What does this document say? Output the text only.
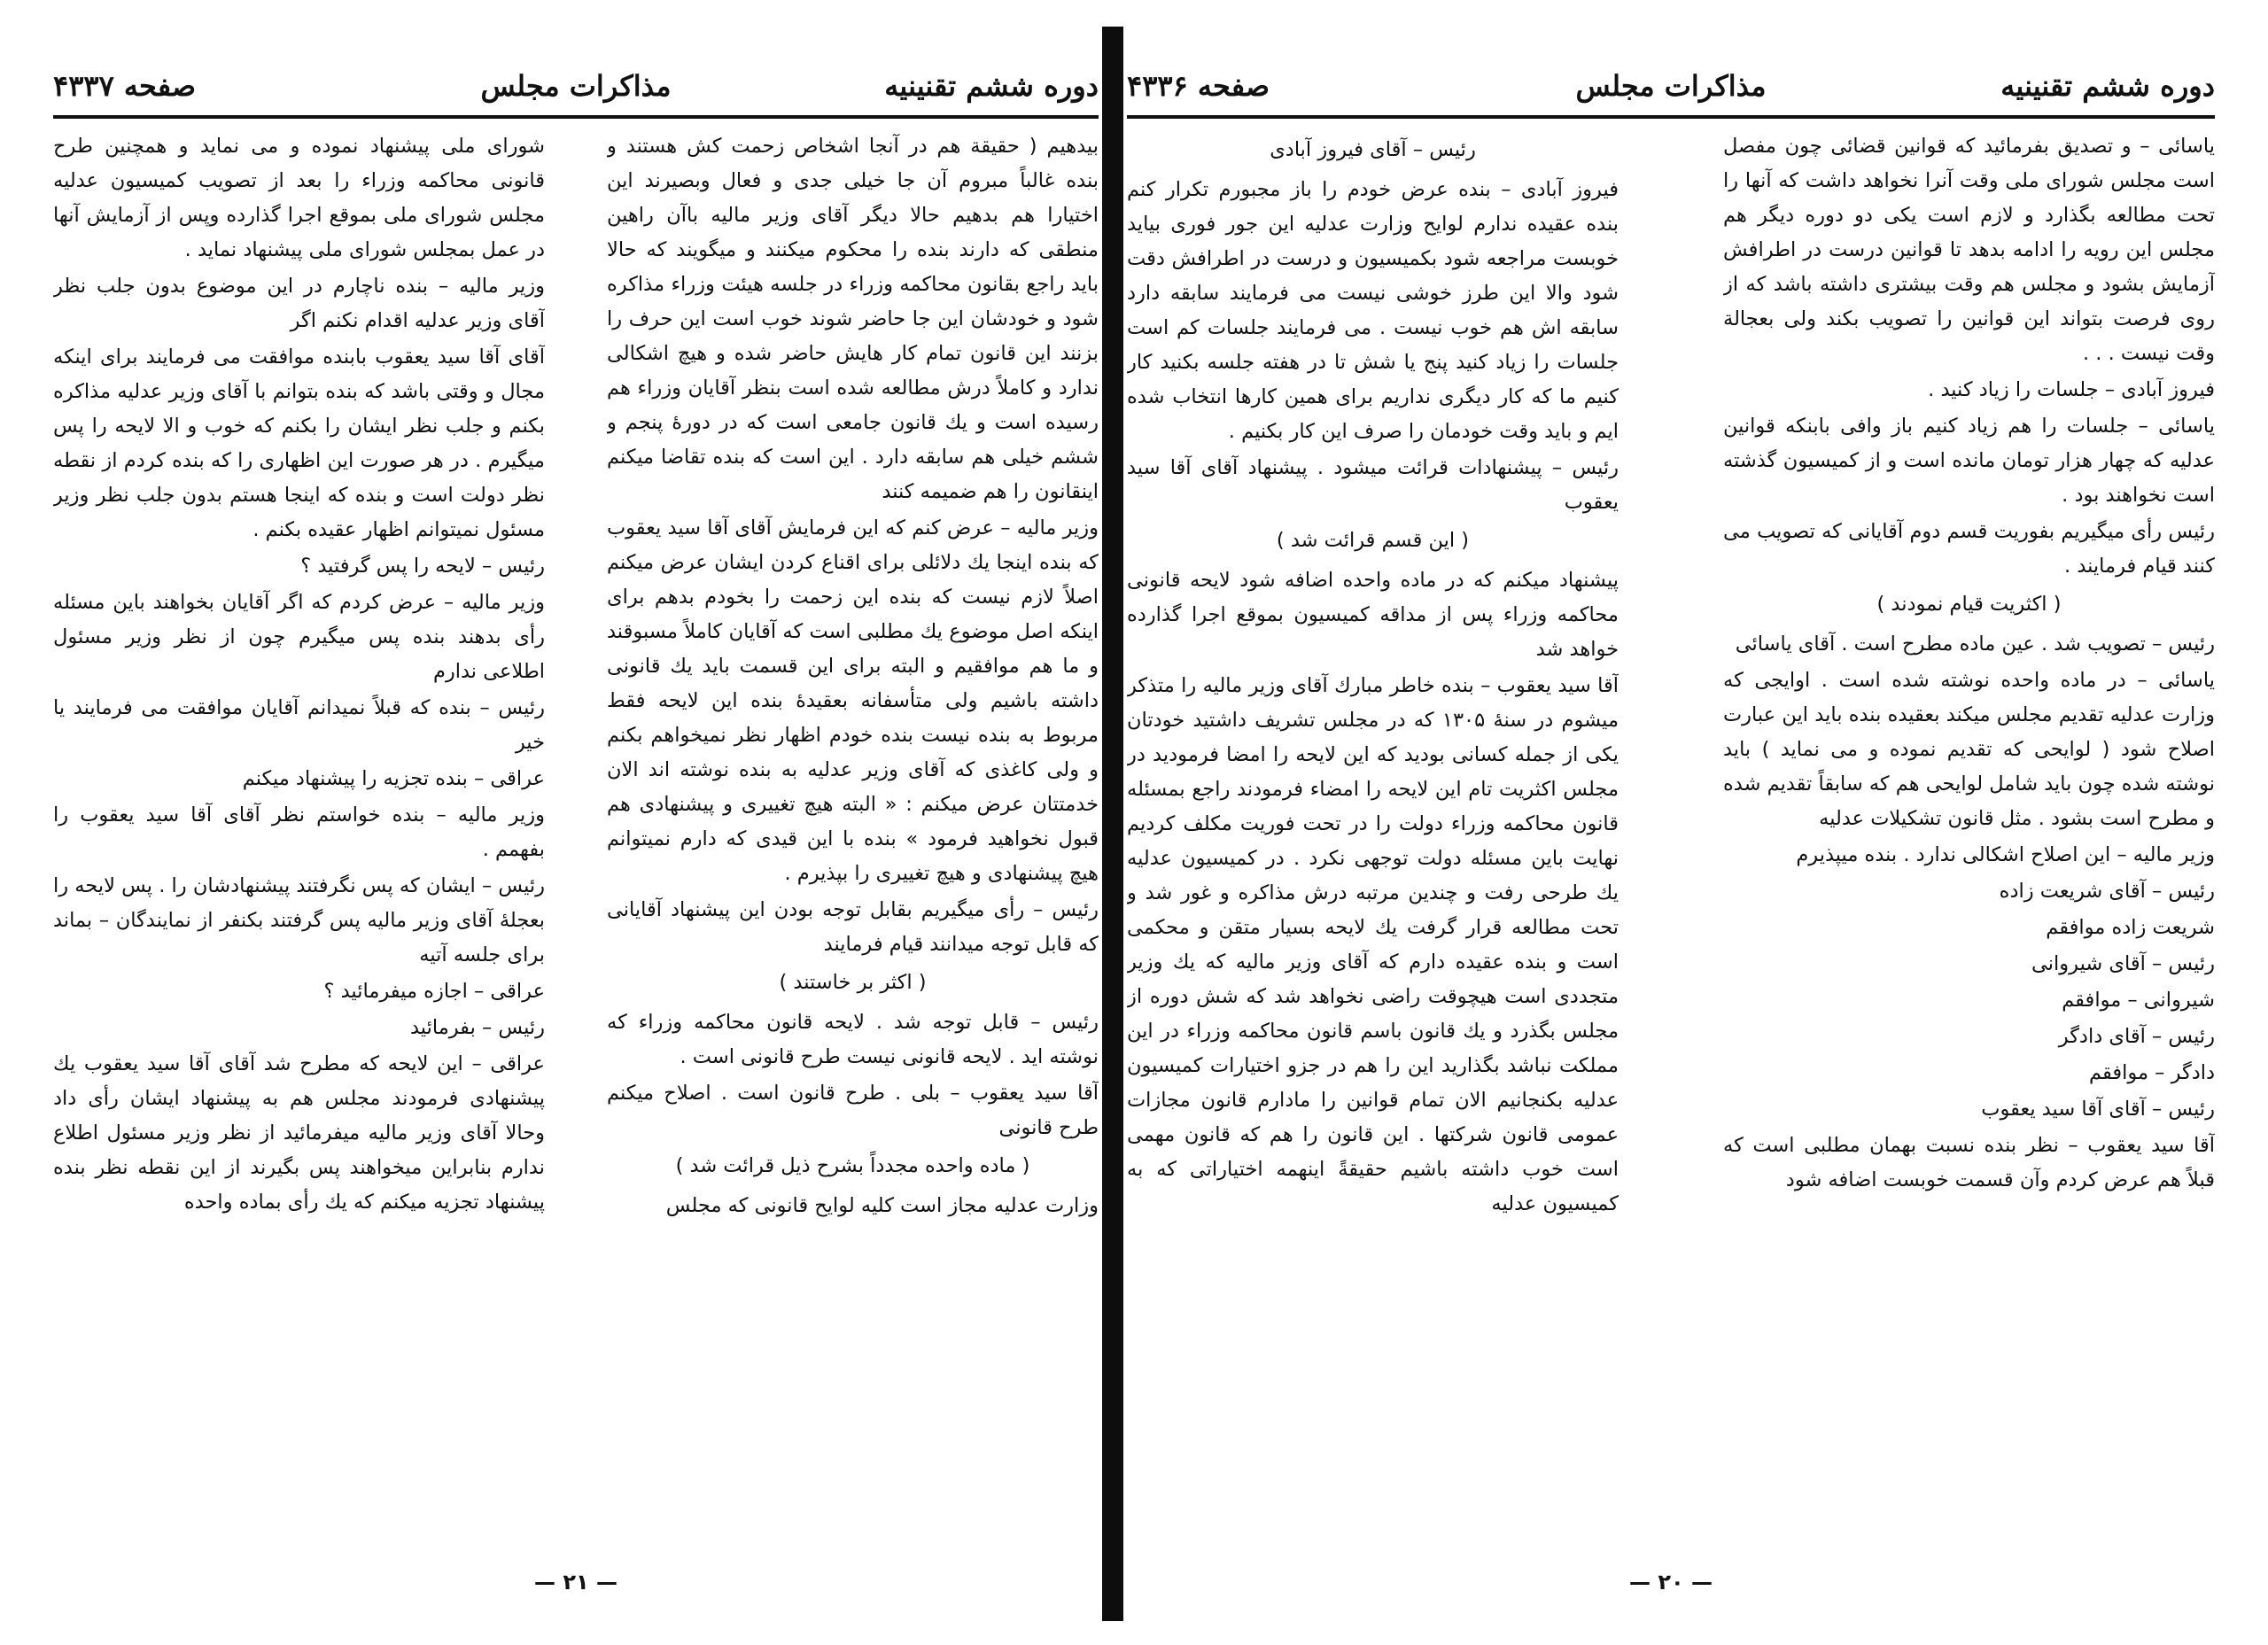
دوره ششم تقنينيه
مذاكرات مجلس
صفحه ۴۳۳۷

بیدهیم ( حقیقة هم در آنجا اشخاص زحمت کش هستند و بنده غالباً مبروم آن جا خیلی جدی و فعال وبصیرند این اختیارا هم بدهیم حالا دیگر آقای وزیر مالیه باآن راهین منطقی که دارند بنده را محکوم میکنند و میگویند که حالا باید راجع بقانون محاکمه وزراء در جلسه هیئت وزراء مذاکره شود و خودشان این جا حاضر شوند خوب است این حرف را بزنند این قانون تمام کار هایش حاضر شده و هیچ اشکالی ندارد و کاملاً درش مطالعه شده است بنظر آقایان وزراء هم رسیده است و یك قانون جامعی است که در دورهٔ پنجم و ششم خیلی هم سابقه دارد . این است که بنده تقاضا میکنم اینقانون را هم ضمیمه کنند

وزیر مالیه – عرض کنم که این فرمایش آقای آقا سید یعقوب که بنده اینجا یك دلائلی برای اقناع کردن ایشان عرض میکنم اصلاً لازم نیست که بنده این زحمت را بخودم بدهم برای اینکه اصل موضوع یك مطلبی است که آقایان کاملاً مسبوقند و ما هم موافقیم و البته برای این قسمت باید یك قانونی داشته باشیم ولی متأسفانه بعقیدهٔ بنده این لایحه فقط مربوط به بنده نیست بنده خودم اظهار نظر نمیخواهم بکنم و ولی کاغذی که آقای وزیر عدلیه به بنده نوشته اند الان خدمتتان عرض میکنم : « البته هیچ تغییری و پیشنهادی هم قبول نخواهید فرمود » بنده با این قیدی که دارم نمیتوانم هیچ پیشنهادی و هیچ تغییری را بپذیرم .

رئیس – رأی میگیریم بقابل توجه بودن این پیشنهاد آقایانی که قابل توجه میدانند قیام فرمایند

( اکثر بر خاستند )

رئیس – قابل توجه شد . لایحه قانون محاکمه وزراء که نوشته اید . لایحه قانونی نیست طرح قانونی است .

آقا سید یعقوب – بلی . طرح قانون است . اصلاح میکنم طرح قانونی

( ماده واحده مجدداً بشرح ذیل قرائت شد )

وزارت عدلیه مجاز است کلیه لوایح قانونی که مجلس

شورای ملی پیشنهاد نموده و می نماید و همچنین طرح قانونی محاکمه وزراء را بعد از تصویب کمیسیون عدلیه مجلس شورای ملی بموقع اجرا گذارده وپس از آزمایش آنها در عمل بمجلس شورای ملی پیشنهاد نماید .

وزیر مالیه – بنده ناچارم در این موضوع بدون جلب نظر آقای وزیر عدلیه اقدام نکنم اگر

آقای آقا سید یعقوب بابنده موافقت می فرمایند برای اینکه مجال و وقتی باشد که بنده بتوانم با آقای وزیر عدلیه مذاکره بکنم و جلب نظر ایشان را بکنم که خوب و الا لایحه را پس میگیرم . در هر صورت این اظهاری را که بنده کردم از نقطه نظر دولت است و بنده که اینجا هستم بدون جلب نظر وزیر مسئول نمیتوانم اظهار عقیده بکنم .

رئیس – لایحه را پس گرفتید ؟

وزیر مالیه – عرض کردم که اگر آقایان بخواهند باین مسئله رأی بدهند بنده پس میگیرم چون از نظر وزیر مسئول اطلاعی ندارم

رئیس – بنده که قبلاً نمیدانم آقایان موافقت می فرمایند یا خیر

عراقی – بنده تجزیه را پیشنهاد میکنم

وزیر مالیه – بنده خواستم نظر آقای آقا سید یعقوب را بفهمم .

رئیس – ایشان که پس نگرفتند پیشنهادشان را . پس لایحه را بعجلهٔ آقای وزیر مالیه پس گرفتند بکنفر از نمایندگان – بماند برای جلسه آتیه

عراقی – اجازه میفرمائید ؟

رئیس – بفرمائید

عراقی – این لایحه که مطرح شد آقای آقا سید یعقوب یك پیشنهادی فرمودند مجلس هم به پیشنهاد ایشان رأی داد وحالا آقای وزیر مالیه میفرمائید از نظر وزیر مسئول اطلاع ندارم بنابراین میخواهند پس بگیرند از این نقطه نظر بنده پیشنهاد تجزیه میکنم که یك رأی بماده واحده

— ٢١ —
دوره ششم تقنينيه
مذاكرات مجلس
صفحه ۴۳۳۶

یاسائی – و تصدیق بفرمائید که قوانین قضائی چون مفصل است مجلس شورای ملی وقت آنرا نخواهد داشت که آنها را تحت مطالعه بگذارد و لازم است یکی دو دوره دیگر هم مجلس این رویه را ادامه بدهد تا قوانین درست در اطرافش آزمایش بشود و مجلس هم وقت بیشتری داشته باشد که از روی فرصت بتواند این قوانین را تصویب بکند ولی بعجالة وقت نیست . . .

فیروز آبادی – جلسات را زیاد کنید .

یاسائی – جلسات را هم زیاد کنیم باز وافی بابنکه قوانین عدلیه که چهار هزار تومان مانده است و از کمیسیون گذشته است نخواهند بود .

رئیس رأی میگیریم بفوریت قسم دوم آقایانی که تصویب می کنند قیام فرمایند .

( اکثریت قیام نمودند )

رئیس – تصویب شد . عین ماده مطرح است . آقای یاسائی

یاسائی – در ماده واحده نوشته شده است . اوایجی که وزارت عدلیه تقدیم مجلس میکند بعقیده بنده باید این عبارت اصلاح شود ( لوایحی که تقدیم نموده و می نماید ) باید نوشته شده چون باید شامل لوایحی هم که سابقاً تقدیم شده و مطرح است بشود . مثل قانون تشکیلات عدلیه

وزیر مالیه – این اصلاح اشکالی ندارد . بنده میپذیرم

رئیس – آقای شریعت زاده

شریعت زاده موافقم

رئیس – آقای شیروانی

شیروانی – موافقم

رئیس – آقای دادگر

دادگر – موافقم

رئیس – آقای آقا سید یعقوب

آقا سید یعقوب – نظر بنده نسبت بهمان مطلبی است که قبلاً هم عرض کردم وآن قسمت خوبست اضافه شود

رئیس – آقای فیروز آبادی

فیروز آبادی – بنده عرض خودم را باز مجبورم تکرار کنم بنده عقیده ندارم لوایح وزارت عدلیه این جور فوری بیاید خوبست مراجعه شود بکمیسیون و درست در اطرافش دقت شود والا این طرز خوشی نیست می فرمایند سابقه دارد سابقه اش هم خوب نیست . می فرمایند جلسات کم است جلسات را زیاد کنید پنج یا شش تا در هفته جلسه بکنید کار کنیم ما که کار دیگری نداریم برای همین کارها انتخاب شده ایم و باید وقت خودمان را صرف این کار بکنیم .

رئیس – پیشنهادات قرائت میشود . پیشنهاد آقای آقا سید یعقوب

( این قسم قرائت شد )

پیشنهاد میکنم که در ماده واحده اضافه شود لایحه قانونی محاکمه وزراء پس از مداقه کمیسیون بموقع اجرا گذارده خواهد شد

آقا سید یعقوب – بنده خاطر مبارك آقای وزیر مالیه را متذکر میشوم در سنهٔ ۱۳۰۵ که در مجلس تشریف داشتید خودتان یکی از جمله کسانی بودید که این لایحه را امضا فرمودید در مجلس اکثریت تام این لایحه را امضاء فرمودند راجع بمسئله قانون محاکمه وزراء دولت را در تحت فوریت مکلف کردیم نهایت باین مسئله دولت توجهی نکرد . در کمیسیون عدلیه یك طرحی رفت و چندین مرتبه درش مذاکره و غور شد و تحت مطالعه قرار گرفت یك لایحه بسیار متقن و محکمی است و بنده عقیده دارم که آقای وزیر مالیه که یك وزیر متجددی است هیچوقت راضی نخواهد شد که شش دوره از مجلس بگذرد و یك قانون باسم قانون محاکمه وزراء در این مملکت نباشد بگذارید این را هم در جزو اختیارات کمیسیون عدلیه بکنجانیم الان تمام قوانین را مادارم قانون مجازات عمومی قانون شرکتها . این قانون را هم که قانون مهمی است خوب داشته باشیم حقیقةً اینهمه اختیاراتی که به کمیسیون عدلیه

— ٢٠ —
